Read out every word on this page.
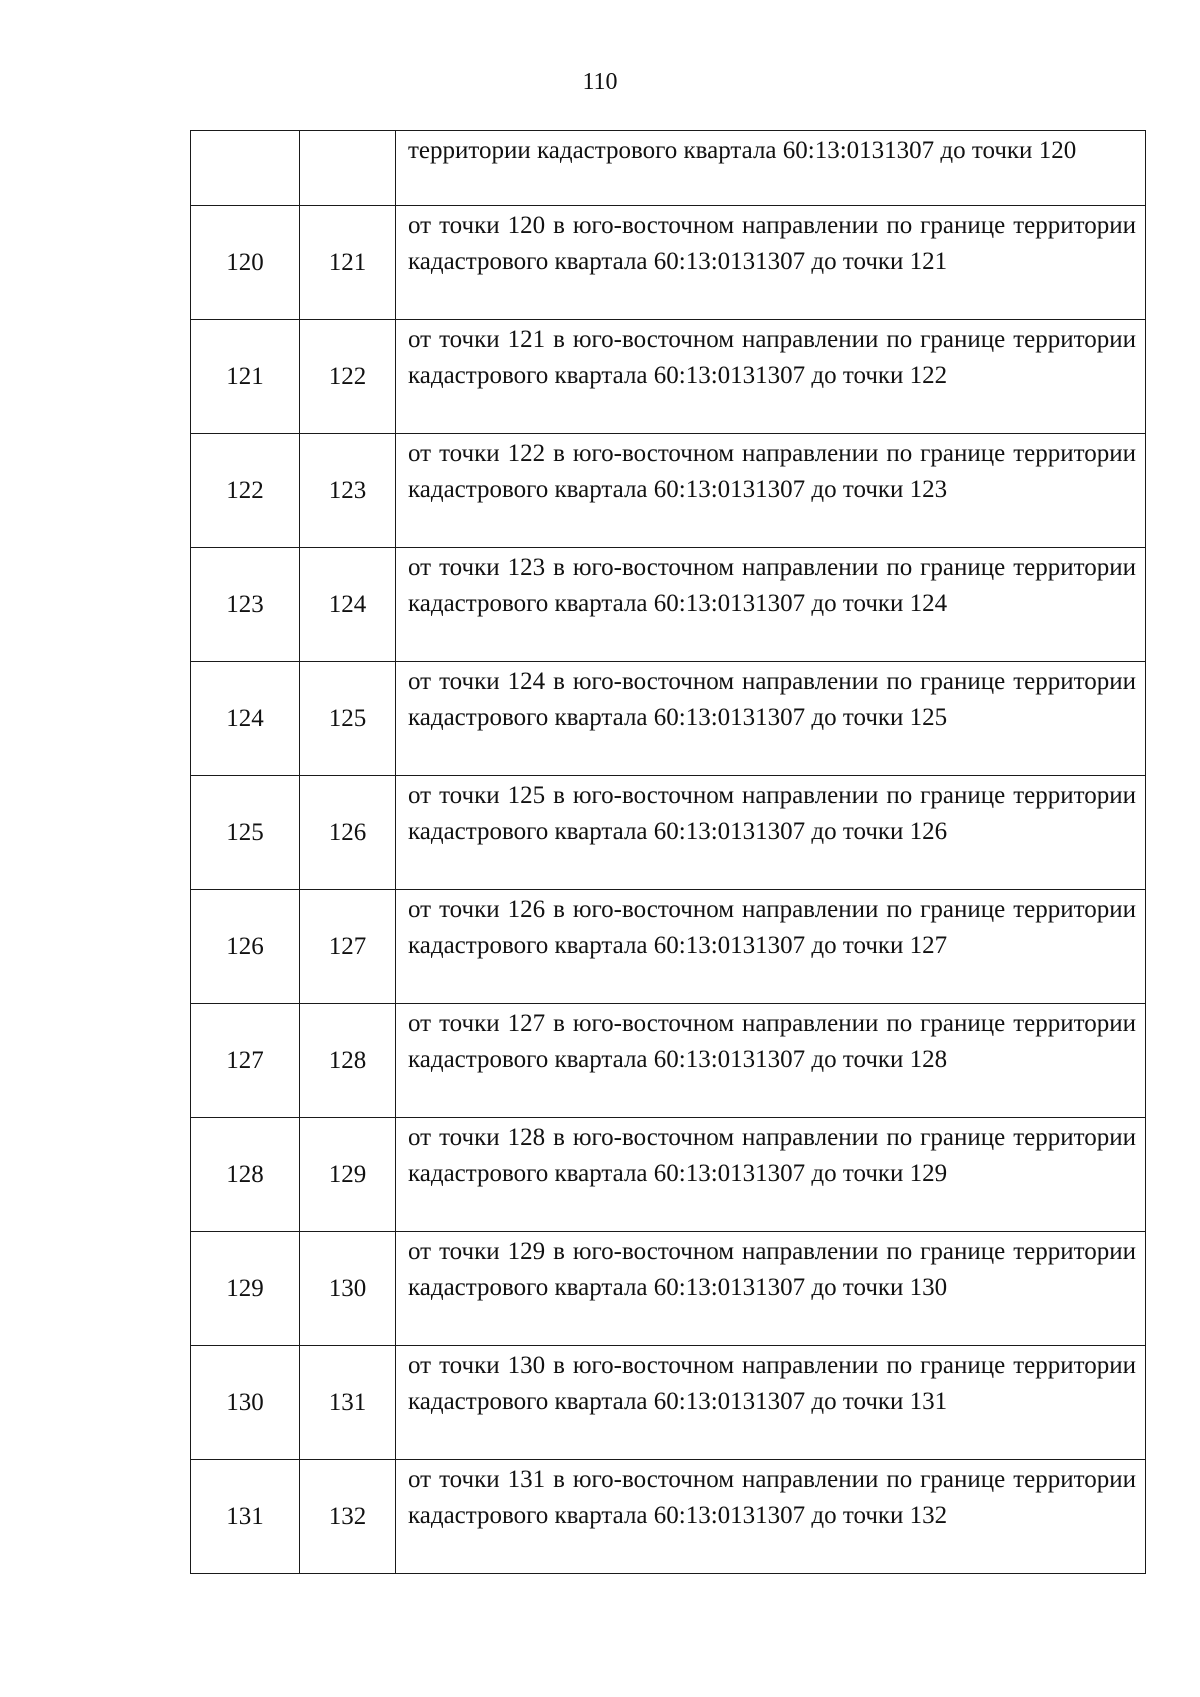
110
		территории кадастрового квартала 60:13:0131307 до точки 120
120	121	от точки 120 в юго-восточном направлении по границе территории кадастрового квартала 60:13:0131307 до точки 121
121	122	от точки 121 в юго-восточном направлении по границе территории кадастрового квартала 60:13:0131307 до точки 122
122	123	от точки 122 в юго-восточном направлении по границе территории кадастрового квартала 60:13:0131307 до точки 123
123	124	от точки 123 в юго-восточном направлении по границе территории кадастрового квартала 60:13:0131307 до точки 124
124	125	от точки 124 в юго-восточном направлении по границе территории кадастрового квартала 60:13:0131307 до точки 125
125	126	от точки 125 в юго-восточном направлении по границе территории кадастрового квартала 60:13:0131307 до точки 126
126	127	от точки 126 в юго-восточном направлении по границе территории кадастрового квартала 60:13:0131307 до точки 127
127	128	от точки 127 в юго-восточном направлении по границе территории кадастрового квартала 60:13:0131307 до точки 128
128	129	от точки 128 в юго-восточном направлении по границе территории кадастрового квартала 60:13:0131307 до точки 129
129	130	от точки 129 в юго-восточном направлении по границе территории кадастрового квартала 60:13:0131307 до точки 130
130	131	от точки 130 в юго-восточном направлении по границе территории кадастрового квартала 60:13:0131307 до точки 131
131	132	от точки 131 в юго-восточном направлении по границе территории кадастрового квартала 60:13:0131307 до точки 132
